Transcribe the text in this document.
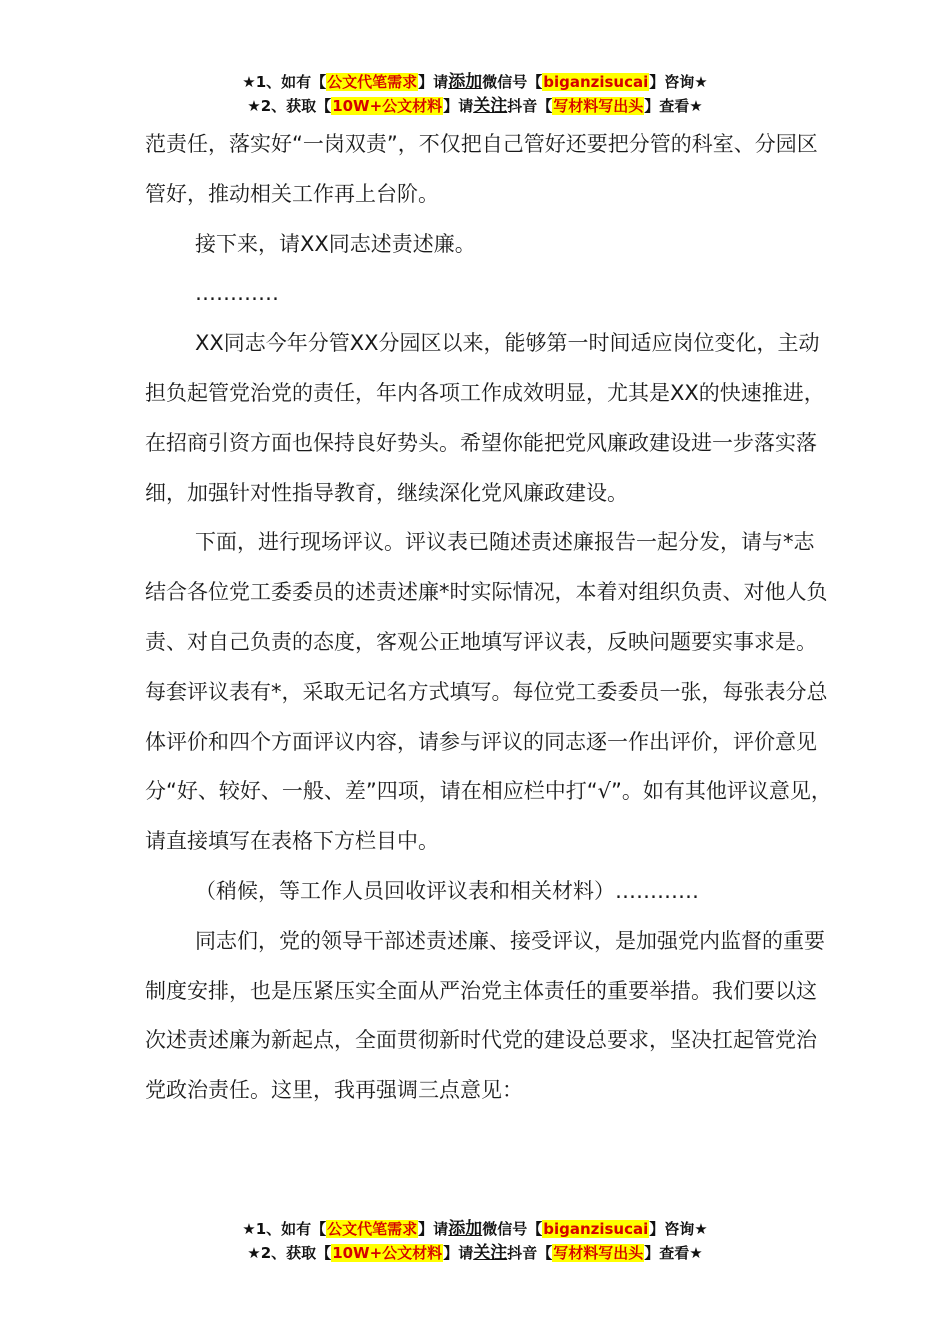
★1、如有【公文代笔需求】请添加微信号【biganzisucai】咨询★
★2、获取【10W+公文材料】请关注抖音【写材料写出头】查看★

范责任，落实好“一岗双责”，不仅把自己管好还要把分管的科室、分园区管好，推动相关工作再上台阶。

接下来，请XX同志述责述廉。

…………

XX同志今年分管XX分园区以来，能够第一时间适应岗位变化，主动担负起管党治党的责任，年内各项工作成效明显，尤其是XX的快速推进，在招商引资方面也保持良好势头。希望你能把党风廉政建设进一步落实落细，加强针对性指导教育，继续深化党风廉政建设。

下面，进行现场评议。评议表已随述责述廉报告一起分发，请与*志结合各位党工委委员的述责述廉*时实际情况，本着对组织负责、对他人负责、对自己负责的态度，客观公正地填写评议表，反映问题要实事求是。每套评议表有*，采取无记名方式填写。每位党工委委员一张，每张表分总体评价和四个方面评议内容，请参与评议的同志逐一作出评价，评价意见分“好、较好、一般、差”四项，请在相应栏中打“√”。如有其他评议意见，请直接填写在表格下方栏目中。

（稍候，等工作人员回收评议表和相关材料）…………

同志们，党的领导干部述责述廉、接受评议，是加强党内监督的重要制度安排，也是压紧压实全面从严治党主体责任的重要举措。我们要以这次述责述廉为新起点，全面贯彻新时代党的建设总要求，坚决扛起管党治党政治责任。这里，我再强调三点意见：

★1、如有【公文代笔需求】请添加微信号【biganzisucai】咨询★
★2、获取【10W+公文材料】请关注抖音【写材料写出头】查看★
